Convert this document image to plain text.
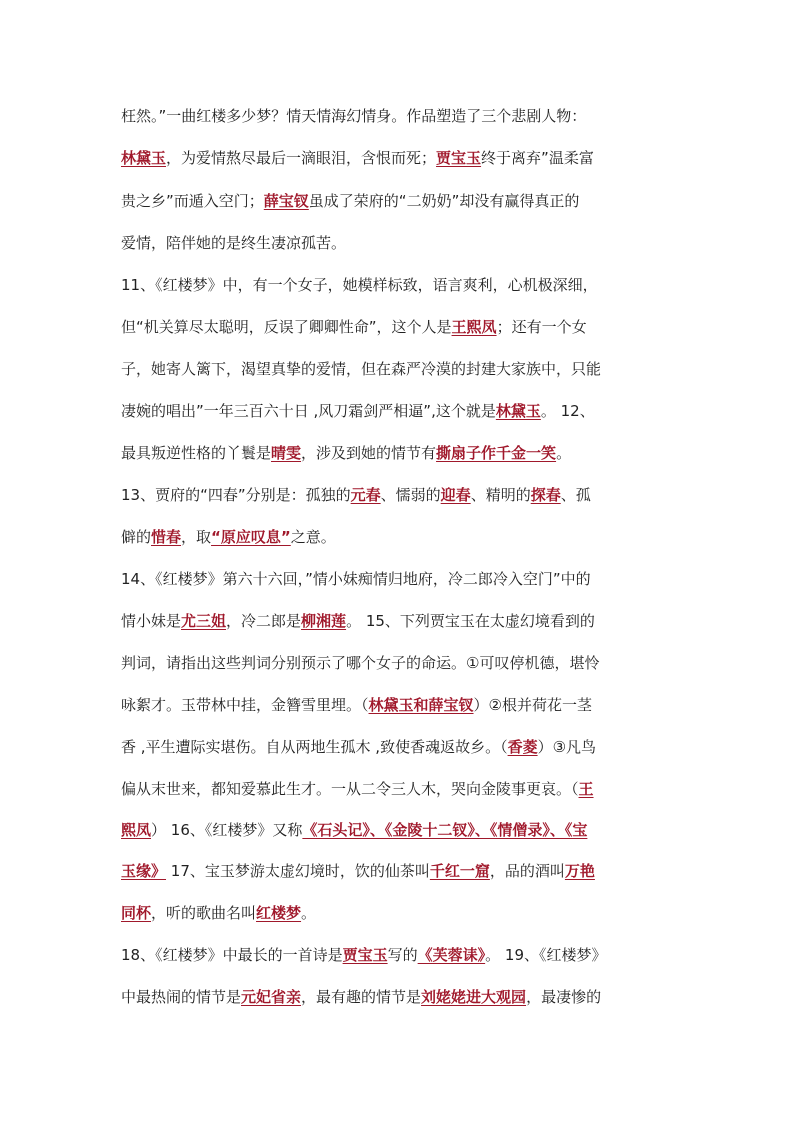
枉然。”一曲红楼多少梦？情天情海幻情身。作品塑造了三个悲剧人物：
林黛玉，为爱情熬尽最后一滴眼泪，含恨而死；贾宝玉终于离弃”温柔富
贵之乡”而遁入空门；薛宝钗虽成了荣府的“二奶奶”却没有赢得真正的
爱情，陪伴她的是终生凄凉孤苦。
11、《红楼梦》中，有一个女子，她模样标致，语言爽利，心机极深细，
但“机关算尽太聪明，反误了卿卿性命”，这个人是王熙凤；还有一个女
子，她寄人篱下，渴望真挚的爱情，但在森严冷漠的封建大家族中，只能
凄婉的唱出”一年三百六十日 ,风刀霜剑严相逼”,这个就是林黛玉。 12、
最具叛逆性格的丫鬟是晴雯，涉及到她的情节有撕扇子作千金一笑。
13、贾府的“四春”分别是：孤独的元春、懦弱的迎春、精明的探春、孤
僻的惜春，取“原应叹息”之意。
14、《红楼梦》第六十六回，”情小妹痴情归地府，冷二郎冷入空门”中的
情小妹是尤三姐，冷二郎是柳湘莲。 15、下列贾宝玉在太虚幻境看到的
判词，请指出这些判词分别预示了哪个女子的命运。①可叹停机德，堪怜
咏絮才。玉带林中挂，金簪雪里埋。（林黛玉和薛宝钗）②根并荷花一茎
香 ,平生遭际实堪伤。自从两地生孤木 ,致使香魂返故乡。（香菱）③凡鸟
偏从末世来，都知爱慕此生才。一从二令三人木，哭向金陵事更哀。（王
熙凤） 16、《红楼梦》又称《石头记》、《金陵十二钗》、《情僧录》、《宝
玉缘》 17、宝玉梦游太虚幻境时，饮的仙茶叫千红一窟，品的酒叫万艳
同杯，听的歌曲名叫红楼梦。
18、《红楼梦》中最长的一首诗是贾宝玉写的《芙蓉诔》。 19、《红楼梦》
中最热闹的情节是元妃省亲，最有趣的情节是刘姥姥进大观园，最凄惨的
